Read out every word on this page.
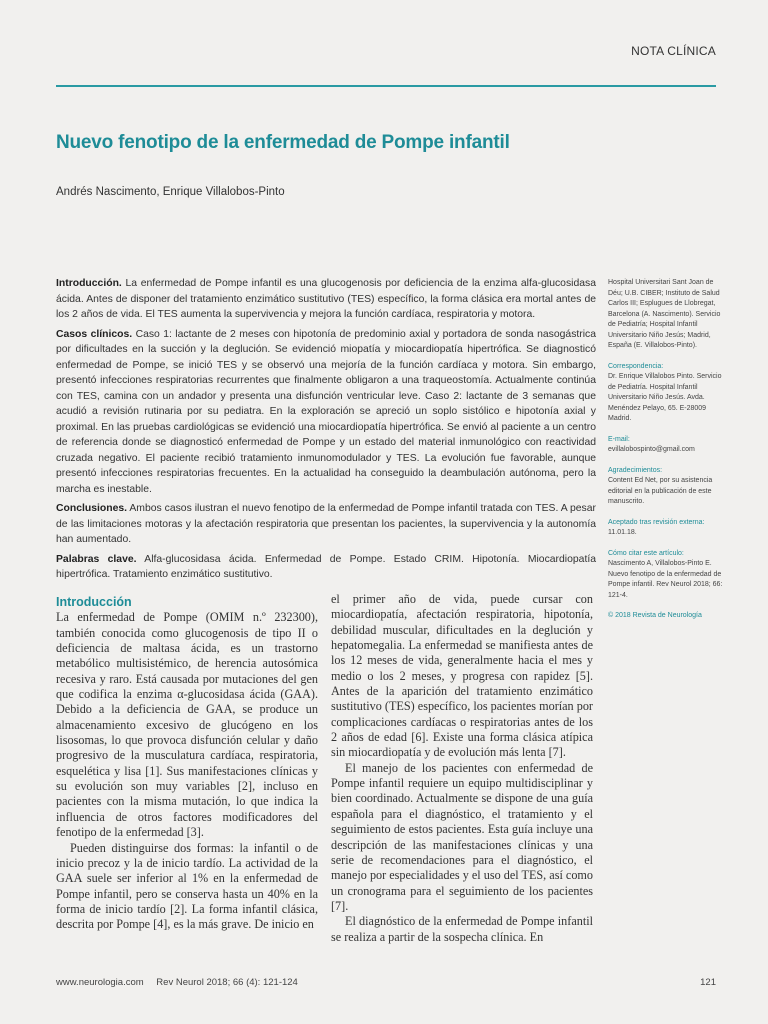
NOTA CLÍNICA
Nuevo fenotipo de la enfermedad de Pompe infantil
Andrés Nascimento, Enrique Villalobos-Pinto

Introducción. La enfermedad de Pompe infantil es una glucogenosis por deficiencia de la enzima alfa-glucosidasa ácida. Antes de disponer del tratamiento enzimático sustitutivo (TES) específico, la forma clásica era mortal antes de los 2 años de vida. El TES aumenta la supervivencia y mejora la función cardíaca, respiratoria y motora.

Casos clínicos. Caso 1: lactante de 2 meses con hipotonía de predominio axial y portadora de sonda nasogástrica por dificultades en la succión y la deglución. Se evidenció miopatía y miocardiopatía hipertrófica. Se diagnosticó enfermedad de Pompe, se inició TES y se observó una mejoría de la función cardíaca y motora. Sin embargo, presentó infecciones respiratorias recurrentes que finalmente obligaron a una traqueostomía. Actualmente continúa con TES, camina con un andador y presenta una disfunción ventricular leve. Caso 2: lactante de 3 semanas que acudió a revisión rutinaria por su pediatra. En la exploración se apreció un soplo sistólico e hipotonía axial y proximal. En las pruebas cardiológicas se evidenció una miocardiopatía hipertrófica. Se envió al paciente a un centro de referencia donde se diagnosticó enfermedad de Pompe y un estado del material inmunológico con reactividad cruzada negativo. El paciente recibió tratamiento inmunomodulador y TES. La evolución fue favorable, aunque presentó infecciones respiratorias frecuentes. En la actualidad ha conseguido la deambulación autónoma, pero la marcha es inestable.

Conclusiones. Ambos casos ilustran el nuevo fenotipo de la enfermedad de Pompe infantil tratada con TES. A pesar de las limitaciones motoras y la afectación respiratoria que presentan los pacientes, la supervivencia y la autonomía han aumentado.

Palabras clave. Alfa-glucosidasa ácida. Enfermedad de Pompe. Estado CRIM. Hipotonía. Miocardiopatía hipertrófica. Tratamiento enzimático sustitutivo.

Hospital Universitari Sant Joan de Déu; U.B. CIBER; Instituto de Salud Carlos III; Esplugues de Llobregat, Barcelona (A. Nascimento). Servicio de Pediatría; Hospital Infantil Universitario Niño Jesús; Madrid, España (E. Villalobos-Pinto).

Correspondencia:
Dr. Enrique Villalobos Pinto. Servicio de Pediatría. Hospital Infantil Universitario Niño Jesús. Avda. Menéndez Pelayo, 65. E-28009 Madrid.

E-mail:
evillalobospinto@gmail.com

Agradecimientos:
Content Ed Net, por su asistencia editorial en la publicación de este manuscrito.

Aceptado tras revisión externa:
11.01.18.

Cómo citar este artículo:
Nascimento A, Villalobos-Pinto E. Nuevo fenotipo de la enfermedad de Pompe infantil. Rev Neurol 2018; 66: 121-4.

© 2018 Revista de Neurología

Introducción

La enfermedad de Pompe (OMIM n.º 232300), también conocida como glucogenosis de tipo II o deficiencia de maltasa ácida, es un trastorno metabólico multisistémico, de herencia autosómica recesiva y raro. Está causada por mutaciones del gen que codifica la enzima α-glucosidasa ácida (GAA). Debido a la deficiencia de GAA, se produce un almacenamiento excesivo de glucógeno en los lisosomas, lo que provoca disfunción celular y daño progresivo de la musculatura cardíaca, respiratoria, esquelética y lisa [1]. Sus manifestaciones clínicas y su evolución son muy variables [2], incluso en pacientes con la misma mutación, lo que indica la influencia de otros factores modificadores del fenotipo de la enfermedad [3].

Pueden distinguirse dos formas: la infantil o de inicio precoz y la de inicio tardío. La actividad de la GAA suele ser inferior al 1% en la enfermedad de Pompe infantil, pero se conserva hasta un 40% en la forma de inicio tardío [2]. La forma infantil clásica, descrita por Pompe [4], es la más grave. De inicio en

el primer año de vida, puede cursar con miocardiopatía, afectación respiratoria, hipotonía, debilidad muscular, dificultades en la deglución y hepatomegalia. La enfermedad se manifiesta antes de los 12 meses de vida, generalmente hacia el mes y medio o los 2 meses, y progresa con rapidez [5]. Antes de la aparición del tratamiento enzimático sustitutivo (TES) específico, los pacientes morían por complicaciones cardíacas o respiratorias antes de los 2 años de edad [6]. Existe una forma clásica atípica sin miocardiopatía y de evolución más lenta [7].

El manejo de los pacientes con enfermedad de Pompe infantil requiere un equipo multidisciplinar y bien coordinado. Actualmente se dispone de una guía española para el diagnóstico, el tratamiento y el seguimiento de estos pacientes. Esta guía incluye una descripción de las manifestaciones clínicas y una serie de recomendaciones para el diagnóstico, el manejo por especialidades y el uso del TES, así como un cronograma para el seguimiento de los pacientes [7].

El diagnóstico de la enfermedad de Pompe infantil se realiza a partir de la sospecha clínica. En

www.neurologia.com Rev Neurol 2018; 66 (4): 121-124	121
